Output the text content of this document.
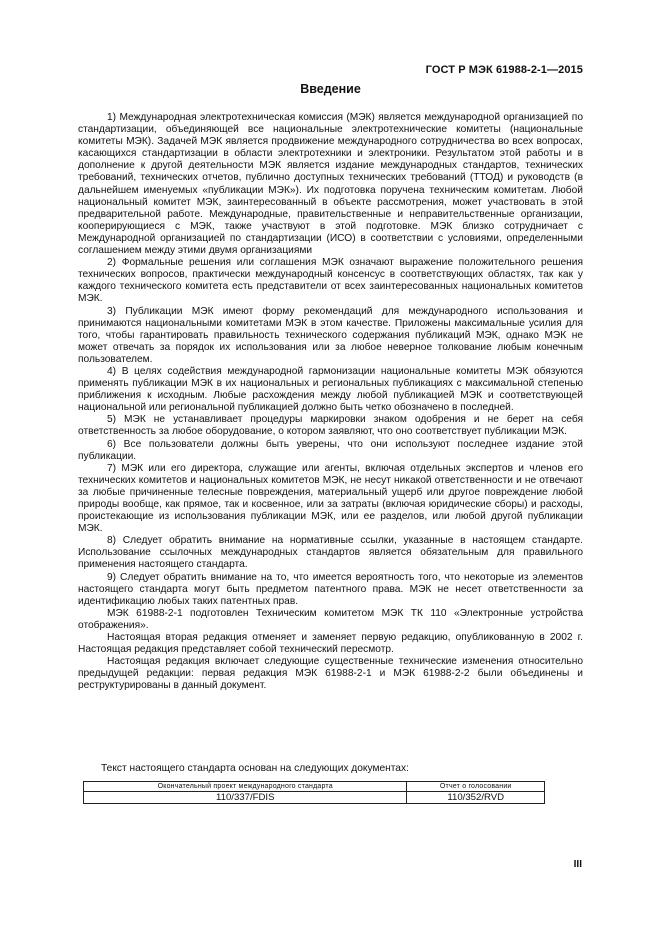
ГОСТ Р МЭК 61988-2-1—2015
Введение

1) Международная электротехническая комиссия (МЭК) является международной организацией по стандартизации, объединяющей все национальные электротехнические комитеты (национальные комитеты МЭК). Задачей МЭК является продвижение международного сотрудничества во всех вопросах, касающихся стандартизации в области электротехники и электроники. Результатом этой работы и в дополнение к другой деятельности МЭК является издание международных стандартов, технических требований, технических отчетов, публично доступных технических требований (ТТОД) и руководств (в дальнейшем именуемых «публикации МЭК»). Их подготовка поручена техническим комитетам. Любой национальный комитет МЭК, заинтересованный в объекте рассмотрения, может участвовать в этой предварительной работе. Международные, правительственные и неправительственные организации, кооперирующиеся с МЭК, также участвуют в этой подготовке. МЭК близко сотрудничает с Международной организацией по стандартизации (ИСО) в соответствии с условиями, определенными соглашением между этими двумя организациями

2) Формальные решения или соглашения МЭК означают выражение положительного решения технических вопросов, практически международный консенсус в соответствующих областях, так как у каждого технического комитета есть представители от всех заинтересованных национальных комитетов МЭК.

3) Публикации МЭК имеют форму рекомендаций для международного использования и принимаются национальными комитетами МЭК в этом качестве. Приложены максимальные усилия для того, чтобы гарантировать правильность технического содержания публикаций МЭК, однако МЭК не может отвечать за порядок их использования или за любое неверное толкование любым конечным пользователем.

4) В целях содействия международной гармонизации национальные комитеты МЭК обязуются применять публикации МЭК в их национальных и региональных публикациях с максимальной степенью приближения к исходным. Любые расхождения между любой публикацией МЭК и соответствующей национальной или региональной публикацией должно быть четко обозначено в последней.

5) МЭК не устанавливает процедуры маркировки знаком одобрения и не берет на себя ответственность за любое оборудование, о котором заявляют, что оно соответствует публикации МЭК.

6) Все пользователи должны быть уверены, что они используют последнее издание этой публикации.

7) МЭК или его директора, служащие или агенты, включая отдельных экспертов и членов его технических комитетов и национальных комитетов МЭК, не несут никакой ответственности и не отвечают за любые причиненные телесные повреждения, материальный ущерб или другое повреждение любой природы вообще, как прямое, так и косвенное, или за затраты (включая юридические сборы) и расходы, проистекающие из использования публикации МЭК, или ее разделов, или любой другой публикации МЭК.

8) Следует обратить внимание на нормативные ссылки, указанные в настоящем стандарте. Использование ссылочных международных стандартов является обязательным для правильного применения настоящего стандарта.

9) Следует обратить внимание на то, что имеется вероятность того, что некоторые из элементов настоящего стандарта могут быть предметом патентного права. МЭК не несет ответственности за идентификацию любых таких патентных прав.

МЭК 61988-2-1 подготовлен Техническим комитетом МЭК ТК 110 «Электронные устройства отображения».

Настоящая вторая редакция отменяет и заменяет первую редакцию, опубликованную в 2002 г. Настоящая редакция представляет собой технический пересмотр.

Настоящая редакция включает следующие существенные технические изменения относительно предыдущей редакции: первая редакция МЭК 61988-2-1 и МЭК 61988-2-2 были объединены и реструктурированы в данный документ.

Текст настоящего стандарта основан на следующих документах:
Окончательный проект международного стандарта	Отчет о голосовании
110/337/FDIS	110/352/RVD
III
